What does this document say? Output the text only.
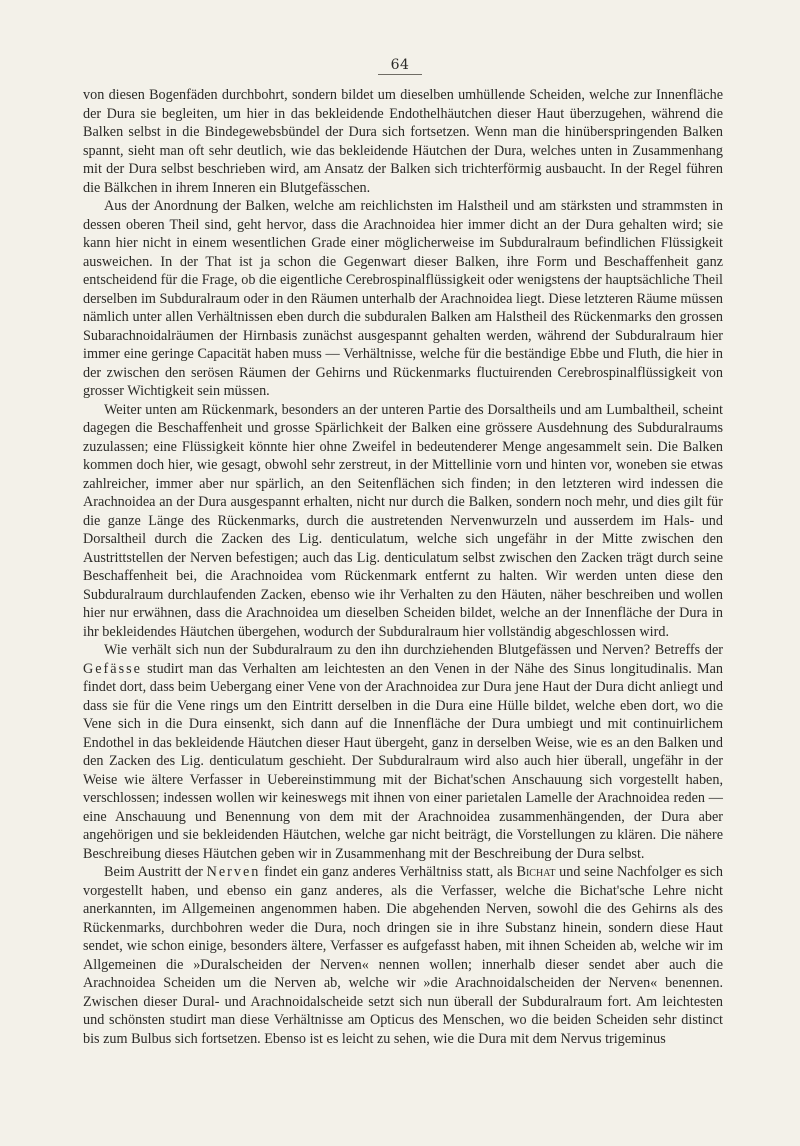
64

von diesen Bogenfäden durchbohrt, sondern bildet um dieselben umhüllende Scheiden, welche zur Innenfläche der Dura sie begleiten, um hier in das bekleidende Endothelhäutchen dieser Haut überzugehen, während die Balken selbst in die Bindegewebsbündel der Dura sich fortsetzen. Wenn man die hinüberspringenden Balken spannt, sieht man oft sehr deutlich, wie das bekleidende Häutchen der Dura, welches unten in Zusammenhang mit der Dura selbst beschrieben wird, am Ansatz der Balken sich trichterförmig ausbaucht. In der Regel führen die Bälkchen in ihrem Inneren ein Blutgefässchen.

Aus der Anordnung der Balken, welche am reichlichsten im Halstheil und am stärksten und strammsten in dessen oberen Theil sind, geht hervor, dass die Arachnoidea hier immer dicht an der Dura gehalten wird; sie kann hier nicht in einem wesentlichen Grade einer möglicherweise im Subduralraum befindlichen Flüssigkeit ausweichen. In der That ist ja schon die Gegenwart dieser Balken, ihre Form und Beschaffenheit ganz entscheidend für die Frage, ob die eigentliche Cerebrospinalflüssigkeit oder wenigstens der hauptsächliche Theil derselben im Subduralraum oder in den Räumen unterhalb der Arachnoidea liegt. Diese letzteren Räume müssen nämlich unter allen Verhältnissen eben durch die subduralen Balken am Halstheil des Rückenmarks den grossen Subarachnoidalräumen der Hirnbasis zunächst ausgespannt gehalten werden, während der Subduralraum hier immer eine geringe Capacität haben muss — Verhältnisse, welche für die beständige Ebbe und Fluth, die hier in der zwischen den serösen Räumen der Gehirns und Rückenmarks fluctuirenden Cerebrospinalflüssigkeit von grosser Wichtigkeit sein müssen.

Weiter unten am Rückenmark, besonders an der unteren Partie des Dorsaltheils und am Lumbaltheil, scheint dagegen die Beschaffenheit und grosse Spärlichkeit der Balken eine grössere Ausdehnung des Subduralraums zuzulassen; eine Flüssigkeit könnte hier ohne Zweifel in bedeutenderer Menge angesammelt sein. Die Balken kommen doch hier, wie gesagt, obwohl sehr zerstreut, in der Mittellinie vorn und hinten vor, woneben sie etwas zahlreicher, immer aber nur spärlich, an den Seitenflächen sich finden; in den letzteren wird indessen die Arachnoidea an der Dura ausgespannt erhalten, nicht nur durch die Balken, sondern noch mehr, und dies gilt für die ganze Länge des Rückenmarks, durch die austretenden Nervenwurzeln und ausserdem im Hals- und Dorsaltheil durch die Zacken des Lig. denticulatum, welche sich ungefähr in der Mitte zwischen den Austrittstellen der Nerven befestigen; auch das Lig. denticulatum selbst zwischen den Zacken trägt durch seine Beschaffenheit bei, die Arachnoidea vom Rückenmark entfernt zu halten. Wir werden unten diese den Subduralraum durchlaufenden Zacken, ebenso wie ihr Verhalten zu den Häuten, näher beschreiben und wollen hier nur erwähnen, dass die Arachnoidea um dieselben Scheiden bildet, welche an der Innenfläche der Dura in ihr bekleidendes Häutchen übergehen, wodurch der Subduralraum hier vollständig abgeschlossen wird.

Wie verhält sich nun der Subduralraum zu den ihn durchziehenden Blutgefässen und Nerven? Betreffs der Gefässe studirt man das Verhalten am leichtesten an den Venen in der Nähe des Sinus longitudinalis. Man findet dort, dass beim Uebergang einer Vene von der Arachnoidea zur Dura jene Haut der Dura dicht anliegt und dass sie für die Vene rings um den Eintritt derselben in die Dura eine Hülle bildet, welche eben dort, wo die Vene sich in die Dura einsenkt, sich dann auf die Innenfläche der Dura umbiegt und mit continuirlichem Endothel in das bekleidende Häutchen dieser Haut übergeht, ganz in derselben Weise, wie es an den Balken und den Zacken des Lig. denticulatum geschieht. Der Subduralraum wird also auch hier überall, ungefähr in der Weise wie ältere Verfasser in Uebereinstimmung mit der Bichat'schen Anschauung sich vorgestellt haben, verschlossen; indessen wollen wir keineswegs mit ihnen von einer parietalen Lamelle der Arachnoidea reden — eine Anschauung und Benennung von dem mit der Arachnoidea zusammenhängenden, der Dura aber angehörigen und sie bekleidenden Häutchen, welche gar nicht beiträgt, die Vorstellungen zu klären. Die nähere Beschreibung dieses Häutchen geben wir in Zusammenhang mit der Beschreibung der Dura selbst.

Beim Austritt der Nerven findet ein ganz anderes Verhältniss statt, als Bichat und seine Nachfolger es sich vorgestellt haben, und ebenso ein ganz anderes, als die Verfasser, welche die Bichat'sche Lehre nicht anerkannten, im Allgemeinen angenommen haben. Die abgehenden Nerven, sowohl die des Gehirns als des Rückenmarks, durchbohren weder die Dura, noch dringen sie in ihre Substanz hinein, sondern diese Haut sendet, wie schon einige, besonders ältere, Verfasser es aufgefasst haben, mit ihnen Scheiden ab, welche wir im Allgemeinen die »Duralscheiden der Nerven« nennen wollen; innerhalb dieser sendet aber auch die Arachnoidea Scheiden um die Nerven ab, welche wir »die Arachnoidalscheiden der Nerven« benennen. Zwischen dieser Dural- und Arachnoidalscheide setzt sich nun überall der Subduralraum fort. Am leichtesten und schönsten studirt man diese Verhältnisse am Opticus des Menschen, wo die beiden Scheiden sehr distinct bis zum Bulbus sich fortsetzen. Ebenso ist es leicht zu sehen, wie die Dura mit dem Nervus trigeminus
